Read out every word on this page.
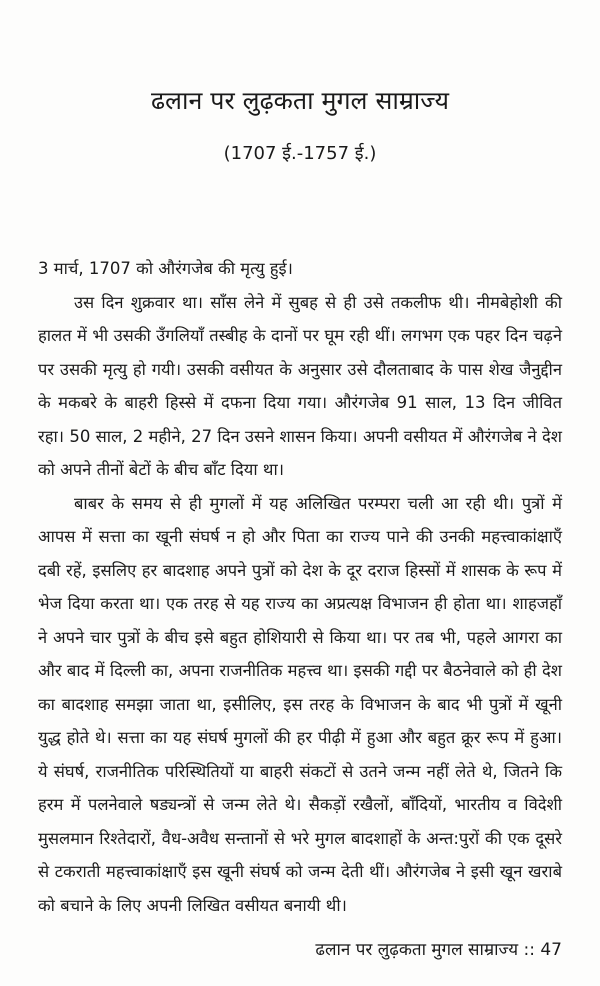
ढलान पर लुढ़कता मुगल साम्राज्य
(1707 ई.-1757 ई.)

3 मार्च, 1707 को औरंगजेब की मृत्यु हुई।

उस दिन शुक्रवार था। साँस लेने में सुबह से ही उसे तकलीफ थी। नीमबेहोशी की हालत में भी उसकी उँगलियाँ तस्बीह के दानों पर घूम रही थीं। लगभग एक पहर दिन चढ़ने पर उसकी मृत्यु हो गयी। उसकी वसीयत के अनुसार उसे दौलताबाद के पास शेख जैनुद्दीन के मकबरे के बाहरी हिस्से में दफना दिया गया। औरंगजेब 91 साल, 13 दिन जीवित रहा। 50 साल, 2 महीने, 27 दिन उसने शासन किया। अपनी वसीयत में औरंगजेब ने देश को अपने तीनों बेटों के बीच बाँट दिया था।

बाबर के समय से ही मुगलों में यह अलिखित परम्परा चली आ रही थी। पुत्रों में आपस में सत्ता का खूनी संघर्ष न हो और पिता का राज्य पाने की उनकी महत्त्वाकांक्षाएँ दबी रहें, इसलिए हर बादशाह अपने पुत्रों को देश के दूर दराज हिस्सों में शासक के रूप में भेज दिया करता था। एक तरह से यह राज्य का अप्रत्यक्ष विभाजन ही होता था। शाहजहाँ ने अपने चार पुत्रों के बीच इसे बहुत होशियारी से किया था। पर तब भी, पहले आगरा का और बाद में दिल्ली का, अपना राजनीतिक महत्त्व था। इसकी गद्दी पर बैठनेवाले को ही देश का बादशाह समझा जाता था, इसीलिए, इस तरह के विभाजन के बाद भी पुत्रों में खूनी युद्ध होते थे। सत्ता का यह संघर्ष मुगलों की हर पीढ़ी में हुआ और बहुत क्रूर रूप में हुआ। ये संघर्ष, राजनीतिक परिस्थितियों या बाहरी संकटों से उतने जन्म नहीं लेते थे, जितने कि हरम में पलनेवाले षड्यन्त्रों से जन्म लेते थे। सैकड़ों रखैलों, बाँदियों, भारतीय व विदेशी मुसलमान रिश्तेदारों, वैध-अवैध सन्तानों से भरे मुगल बादशाहों के अन्त:पुरों की एक दूसरे से टकराती महत्त्वाकांक्षाएँ इस खूनी संघर्ष को जन्म देती थीं। औरंगजेब ने इसी खून खराबे को बचाने के लिए अपनी लिखित वसीयत बनायी थी।

ढलान पर लुढ़कता मुगल साम्राज्य :: 47
